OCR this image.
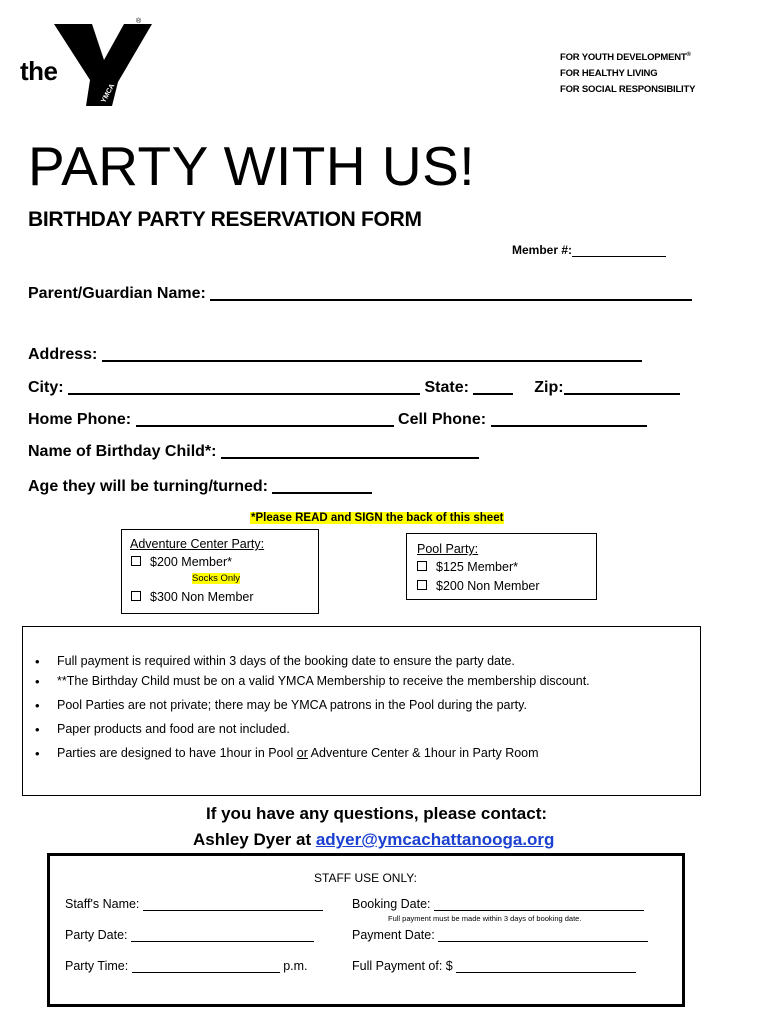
the
YMCA
®
FOR YOUTH DEVELOPMENT®
FOR HEALTHY LIVING
FOR SOCIAL RESPONSIBILITY
PARTY WITH US!
BIRTHDAY PARTY RESERVATION FORM
Member #:
Parent/Guardian Name:
Address:
City:	State:	Zip:
Home Phone:	Cell Phone:
Name of Birthday Child*:
Age they will be turning/turned:
*Please READ and SIGN the back of this sheet
Adventure Center Party:
$200 Member*
Socks Only
$300 Non Member
Pool Party:
$125 Member*
$200 Non Member
• Full payment is required within 3 days of the booking date to ensure the party date.
• **The Birthday Child must be on a valid YMCA Membership to receive the membership discount.
• Pool Parties are not private; there may be YMCA patrons in the Pool during the party.
• Paper products and food are not included.
• Parties are designed to have 1hour in Pool or Adventure Center & 1hour in Party Room
If you have any questions, please contact:
Ashley Dyer at adyer@ymcachattanooga.org
STAFF USE ONLY:
Staff's Name:	Booking Date:
Full payment must be made within 3 days of booking date.
Party Date:	Payment Date:
Party Time:	p.m.	Full Payment of: $
